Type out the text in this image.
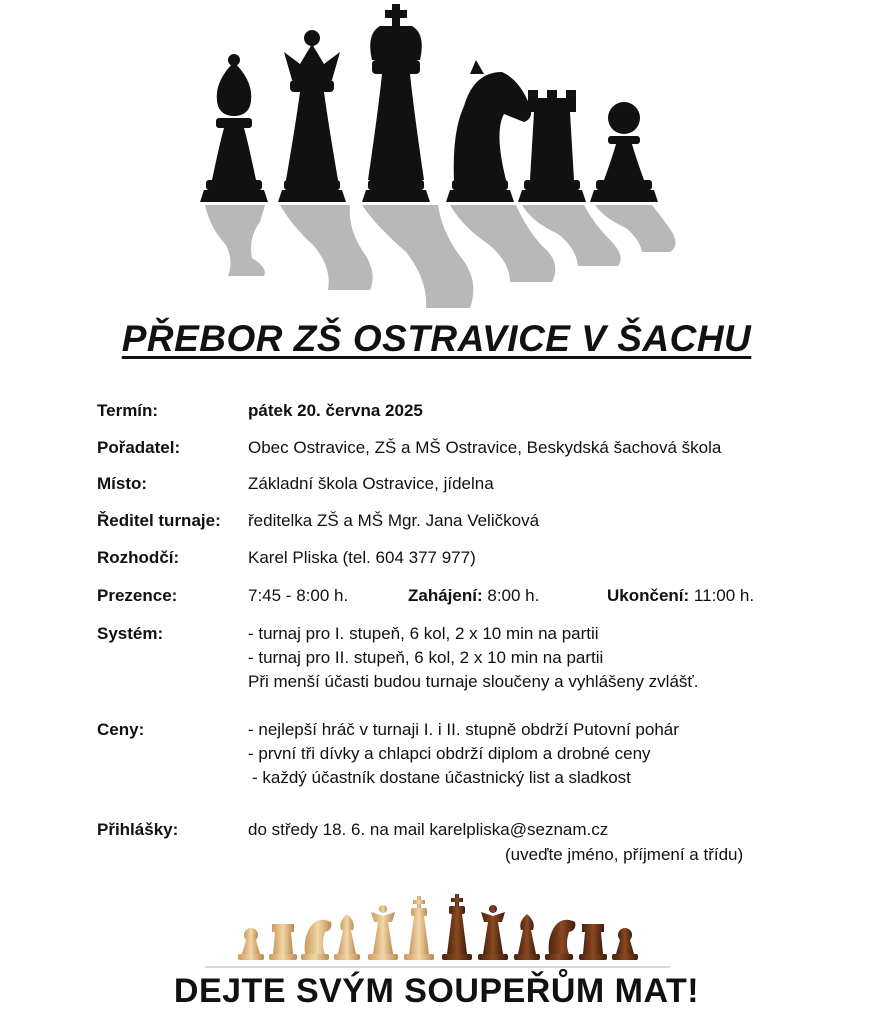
PŘEBOR ZŠ OSTRAVICE V ŠACHU
Termín:	pátek 20. června 2025
Pořadatel:	Obec Ostravice, ZŠ a MŠ Ostravice, Beskydská šachová škola
Místo:	Základní škola Ostravice, jídelna
Ředitel turnaje: ředitelka ZŠ a MŠ Mgr. Jana Veličková
Rozhodčí:	Karel Pliska (tel. 604 377 977)
Prezence:	7:45 - 8:00 h.	Zahájení: 8:00 h.	Ukončení: 11:00 h.
Systém:	- turnaj pro I. stupeň, 6 kol, 2 x 10 min na partii
- turnaj pro II. stupeň, 6 kol, 2 x 10 min na partii
Při menší účasti budou turnaje sloučeny a vyhlášeny zvlášť.
Ceny:	- nejlepší hráč v turnaji I. i II. stupně obdrží Putovní pohár
- první tři dívky a chlapci obdrží diplom a drobné ceny
- každý účastník dostane účastnický list a sladkost
Přihlášky:	do středy 18. 6. na mail karelpliska@seznam.cz
(uveďte jméno, příjmení a třídu)
DEJTE SVÝM SOUPEŘŮM MAT!
